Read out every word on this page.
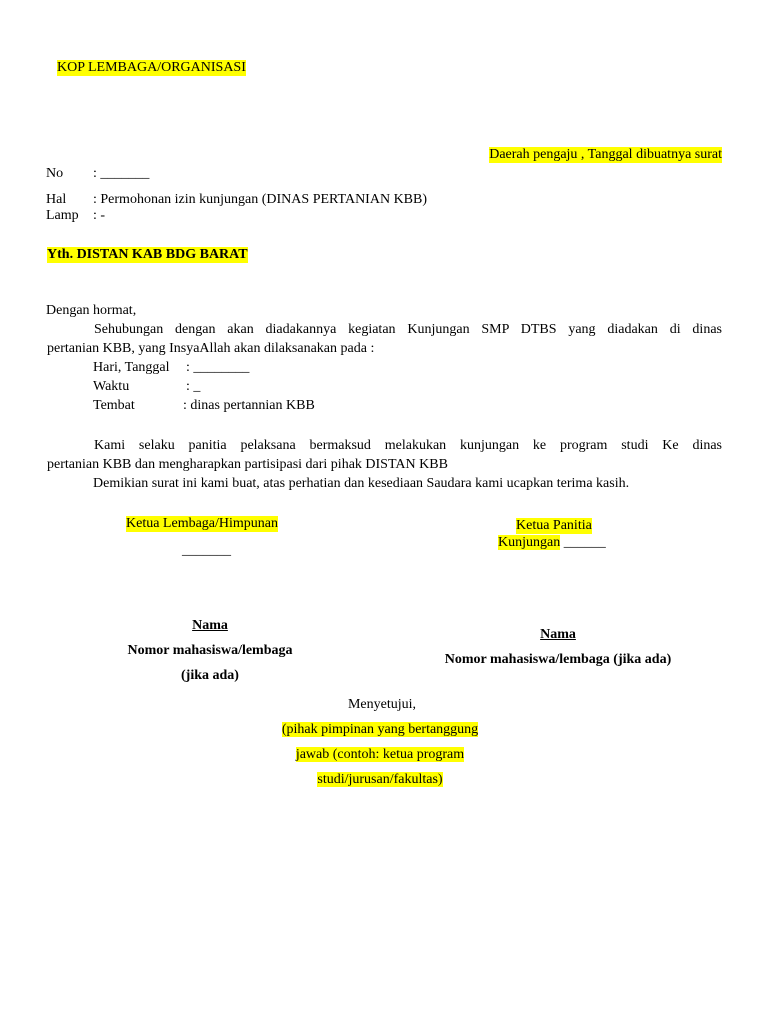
KOP LEMBAGA/ORGANISASI
Daerah pengaju , Tanggal dibuatnya surat
No : _______
Hal : Permohonan izin kunjungan (DINAS PERTANIAN KBB)
Lamp : -
Yth. DISTAN KAB BDG BARAT
Dengan hormat,
Sehubungan dengan akan diadakannya kegiatan Kunjungan SMP DTBS yang diadakan di dinas
pertanian KBB, yang InsyaAllah akan dilaksanakan pada :
Hari, Tanggal : ________
Waktu	: _
Tembat	: dinas pertannian KBB
Kami selaku panitia pelaksana bermaksud melakukan kunjungan ke program studi Ke dinas
pertanian KBB dan mengharapkan partisipasi dari pihak DISTAN KBB
Demikian surat ini kami buat, atas perhatian dan kesediaan Saudara kami ucapkan terima kasih.
Ketua Lembaga/Himpunan
_______
Nama
Nomor mahasiswa/lembaga
(jika ada)
Ketua Panitia
Kunjungan ______
Nama
Nomor mahasiswa/lembaga (jika ada)
Menyetujui,
(pihak pimpinan yang bertanggung
jawab (contoh: ketua program
studi/jurusan/fakultas)
